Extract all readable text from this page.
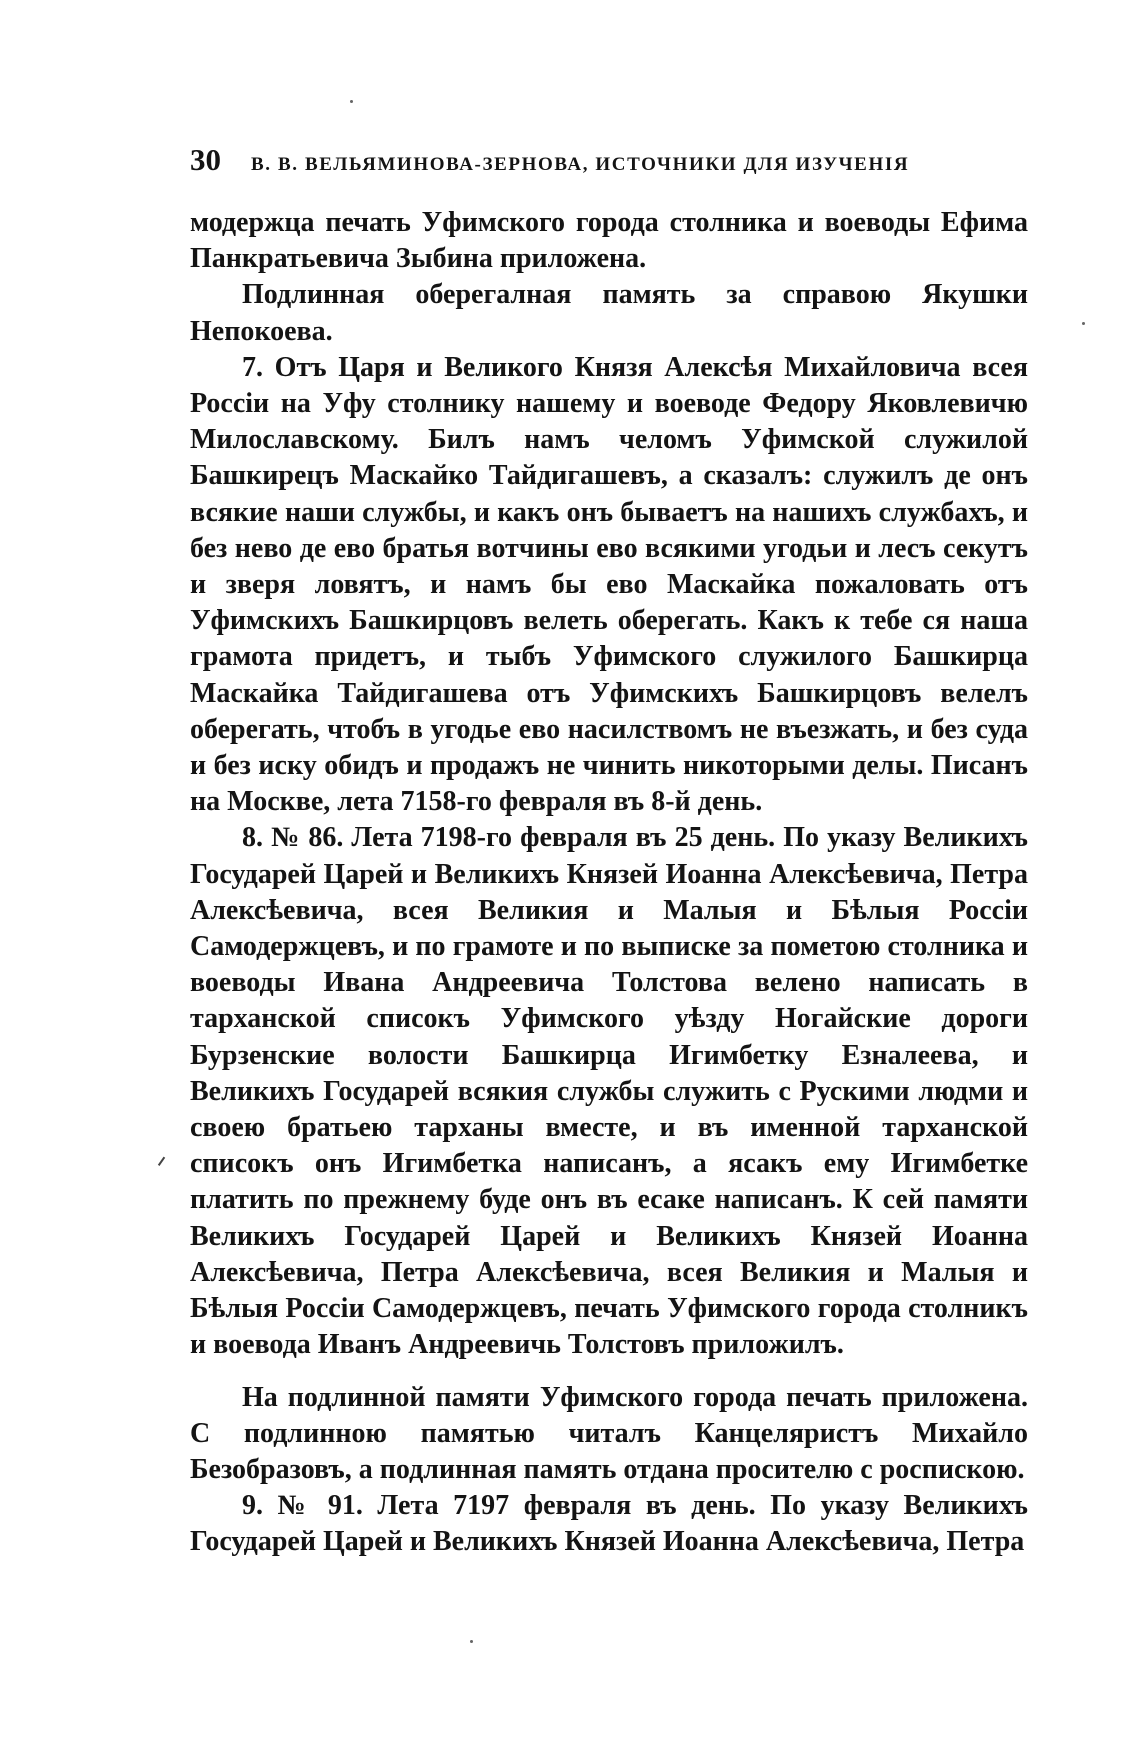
30 В. В. ВЕЛЬЯМИНОВА-ЗЕРНОВА, ИСТОЧНИКИ ДЛЯ ИЗУЧЕНІЯ

модержца печать Уфимского города столника и воеводы Ефима Панкратьевича Зыбина приложена.

Подлинная оберегалная память за справою Якушки Непокоева.

7. Отъ Царя и Великого Князя Алексѣя Михайловича всея Россіи на Уфу столнику нашему и воеводе Федору Яковлевичю Милославскому. Билъ намъ челомъ Уфимской служилой Башкирецъ Маскайко Тайдигашевъ, а сказалъ: служилъ де онъ всякие наши службы, и какъ онъ бываетъ на нашихъ службахъ, и без нево де ево братья вотчины ево всякими угодьи и лесъ секутъ и зверя ловятъ, и намъ бы ево Маскайка пожаловать отъ Уфимскихъ Башкирцовъ велеть оберегать. Какъ к тебе ся наша грамота придетъ, и тыбъ Уфимского служилого Башкирца Маскайка Тайдигашева отъ Уфимскихъ Башкирцовъ велелъ оберегать, чтобъ в угодье ево насилствомъ не въезжать, и без суда и без иску обидъ и продажъ не чинить никоторыми делы. Писанъ на Москве, лета 7158-го февраля въ 8-й день.

8. № 86. Лета 7198-го февраля въ 25 день. По указу Великихъ Государей Царей и Великихъ Князей Иоанна Алексѣевича, Петра Алексѣевича, всея Великия и Малыя и Бѣлыя Россіи Самодержцевъ, и по грамоте и по выписке за пометою столника и воеводы Ивана Андреевича Толстова велено написать в тарханской списокъ Уфимского уѣзду Ногайские дороги Бурзенские волости Башкирца Игимбетку Езналеева, и Великихъ Государей всякия службы служить с Рускими людми и своею братьею тарханы вместе, и въ именной тарханской списокъ онъ Игимбетка написанъ, а ясакъ ему Игимбетке платить по прежнему буде онъ въ есаке написанъ. К сей памяти Великихъ Государей Царей и Великихъ Князей Иоанна Алексѣевича, Петра Алексѣевича, всея Великия и Малыя и Бѣлыя Россіи Самодержцевъ, печать Уфимского города столникъ и воевода Иванъ Андреевичь Толстовъ приложилъ.

На подлинной памяти Уфимского города печать приложена. С подлинною памятью читалъ Канцеляристъ Михайло Безобразовъ, а подлинная память отдана просителю с роспискою.

9. № 91. Лета 7197 февраля въ день. По указу Великихъ Государей Царей и Великихъ Князей Иоанна Алексѣевича, Петра
